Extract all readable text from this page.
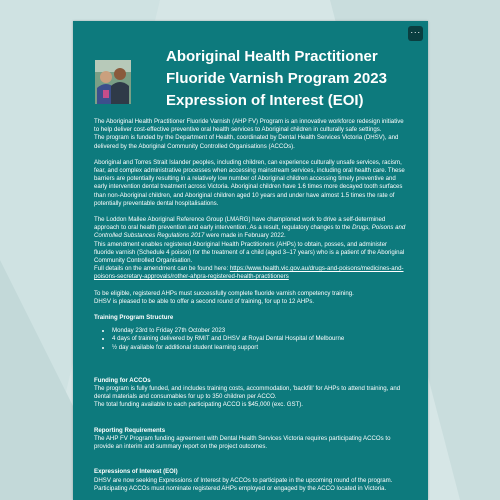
···
Aboriginal Health Practitioner Fluoride Varnish Program 2023 Expression of Interest (EOI)

The Aboriginal Health Practitioner Fluoride Varnish (AHP FV) Program is an innovative workforce redesign initiative to help deliver cost-effective preventive oral health services to Aboriginal children in culturally safe settings.
The program is funded by the Department of Health, coordinated by Dental Health Services Victoria (DHSV), and delivered by the Aboriginal Community Controlled Organisations (ACCOs).

Aboriginal and Torres Strait Islander peoples, including children, can experience culturally unsafe services, racism, fear, and complex administrative processes when accessing mainstream services, including oral health care. These barriers are potentially resulting in a relatively low number of Aboriginal children accessing timely preventive and early intervention dental treatment across Victoria. Aboriginal children have 1.6 times more decayed tooth surfaces than non-Aboriginal children, and Aboriginal children aged 10 years and under have almost 1.5 times the rate of potentially preventable dental hospitalisations.

The Loddon Mallee Aboriginal Reference Group (LMARG) have championed work to drive a self-determined approach to oral health prevention and early intervention. As a result, regulatory changes to the Drugs, Poisons and Controlled Substances Regulations 2017 were made in February 2022.
This amendment enables registered Aboriginal Health Practitioners (AHPs) to obtain, posses, and administer fluoride varnish (Schedule 4 poison) for the treatment of a child (aged 3–17 years) who is a patient of the Aboriginal Community Controlled Organisation.
Full details on the amendment can be found here: https://www.health.vic.gov.au/drugs-and-poisons/medicines-and-poisons-secretary-approvals/rother-ahpra-registered-health-practitioners

To be eligible, registered AHPs must successfully complete fluoride varnish competency training.
DHSV is pleased to be able to offer a second round of training, for up to 12 AHPs.

Training Program Structure
• Monday 23rd to Friday 27th October 2023
• 4 days of training delivered by RMIT and DHSV at Royal Dental Hospital of Melbourne
• ½ day available for additional student learning support
Funding for ACCOs
The program is fully funded, and includes training costs, accommodation, 'backfill' for AHPs to attend training, and dental materials and consumables for up to 350 children per ACCO.
The total funding available to each participating ACCO is $45,000 (exc. GST).
Reporting Requirements
The AHP FV Program funding agreement with Dental Health Services Victoria requires participating ACCOs to provide an interim and summary report on the project outcomes.
Expressions of Interest (EOI)
DHSV are now seeking Expressions of Interest by ACCOs to participate in the upcoming round of the program.
Participating ACCOs must nominate registered AHPs employed or engaged by the ACCO located in Victoria.
